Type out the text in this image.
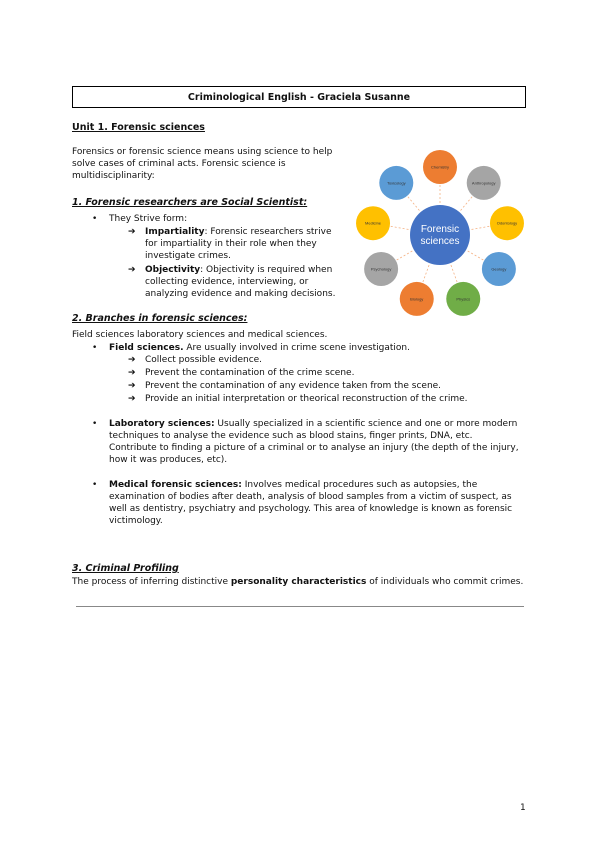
Criminological English - Graciela Susanne
Unit 1. Forensic sciences
Forensics or forensic science means using science to help
solve cases of criminal acts. Forensic science is
multidisciplinarity:
1. Forensic researchers are Social Scientist:
• They Strive form:
➔ Impartiality: Forensic researchers strive
for impartiality in their role when they
investigate crimes.
➔ Objectivity: Objectivity is required when
collecting evidence, interviewing, or
analyzing evidence and making decisions.
Chemistry
Anthropology
Odontology
Geology
Physics
Biology
Psychology
Medicine
Toxicology
Forensic
sciences
2. Branches in forensic sciences:
Field sciences laboratory sciences and medical sciences.
• Field sciences. Are usually involved in crime scene investigation.
➔ Collect possible evidence.
➔ Prevent the contamination of the crime scene.
➔ Prevent the contamination of any evidence taken from the scene.
➔ Provide an initial interpretation or theorical reconstruction of the crime.
• Laboratory sciences: Usually specialized in a scientific science and one or more modern
techniques to analyse the evidence such as blood stains, finger prints, DNA, etc.
Contribute to finding a picture of a criminal or to analyse an injury (the depth of the injury,
how it was produces, etc).
• Medical forensic sciences: Involves medical procedures such as autopsies, the
examination of bodies after death, analysis of blood samples from a victim of suspect, as
well as dentistry, psychiatry and psychology. This area of knowledge is known as forensic
victimology.
3. Criminal Profiling
The process of inferring distinctive personality characteristics of individuals who commit crimes.
1
